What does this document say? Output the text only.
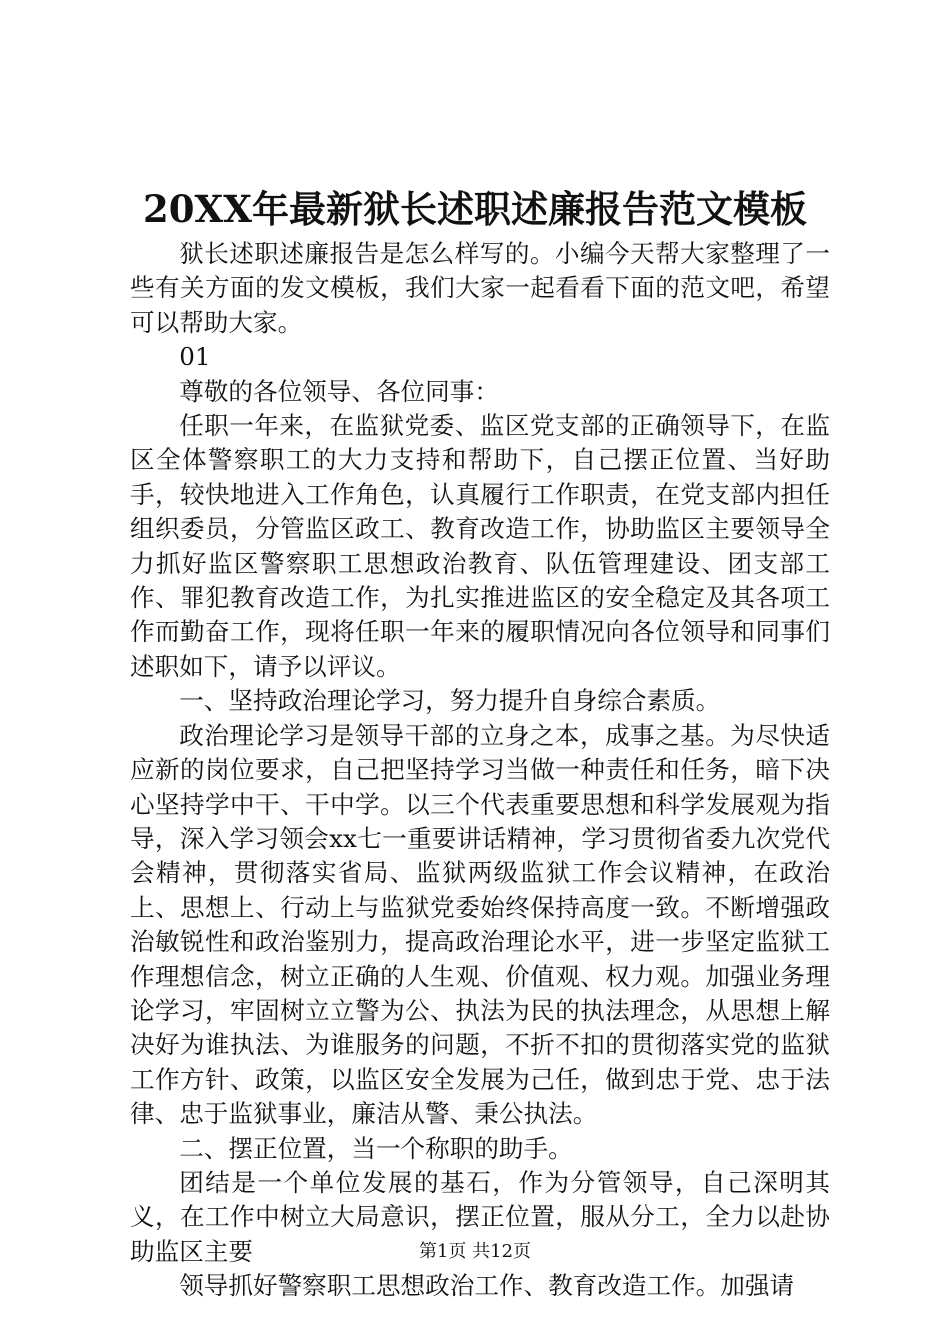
20XX年最新狱长述职述廉报告范文模板

狱长述职述廉报告是怎么样写的。小编今天帮大家整理了一些有关方面的发文模板，我们大家一起看看下面的范文吧，希望可以帮助大家。

01

尊敬的各位领导、各位同事：

任职一年来，在监狱党委、监区党支部的正确领导下，在监区全体警察职工的大力支持和帮助下，自己摆正位置、当好助手，较快地进入工作角色，认真履行工作职责，在党支部内担任组织委员，分管监区政工、教育改造工作，协助监区主要领导全力抓好监区警察职工思想政治教育、队伍管理建设、团支部工作、罪犯教育改造工作，为扎实推进监区的安全稳定及其各项工作而勤奋工作，现将任职一年来的履职情况向各位领导和同事们述职如下，请予以评议。

一、坚持政治理论学习，努力提升自身综合素质。

政治理论学习是领导干部的立身之本，成事之基。为尽快适应新的岗位要求，自己把坚持学习当做一种责任和任务，暗下决心坚持学中干、干中学。以三个代表重要思想和科学发展观为指导，深入学习领会xx七一重要讲话精神，学习贯彻省委九次党代会精神，贯彻落实省局、监狱两级监狱工作会议精神，在政治上、思想上、行动上与监狱党委始终保持高度一致。不断增强政治敏锐性和政治鉴别力，提高政治理论水平，进一步坚定监狱工作理想信念，树立正确的人生观、价值观、权力观。加强业务理论学习，牢固树立立警为公、执法为民的执法理念，从思想上解决好为谁执法、为谁服务的问题，不折不扣的贯彻落实党的监狱工作方针、政策，以监区安全发展为己任，做到忠于党、忠于法律、忠于监狱事业，廉洁从警、秉公执法。

二、摆正位置，当一个称职的助手。

团结是一个单位发展的基石，作为分管领导，自己深明其义，在工作中树立大局意识，摆正位置，服从分工，全力以赴协助监区主要

领导抓好警察职工思想政治工作、教育改造工作。加强请

第1页 共12页
